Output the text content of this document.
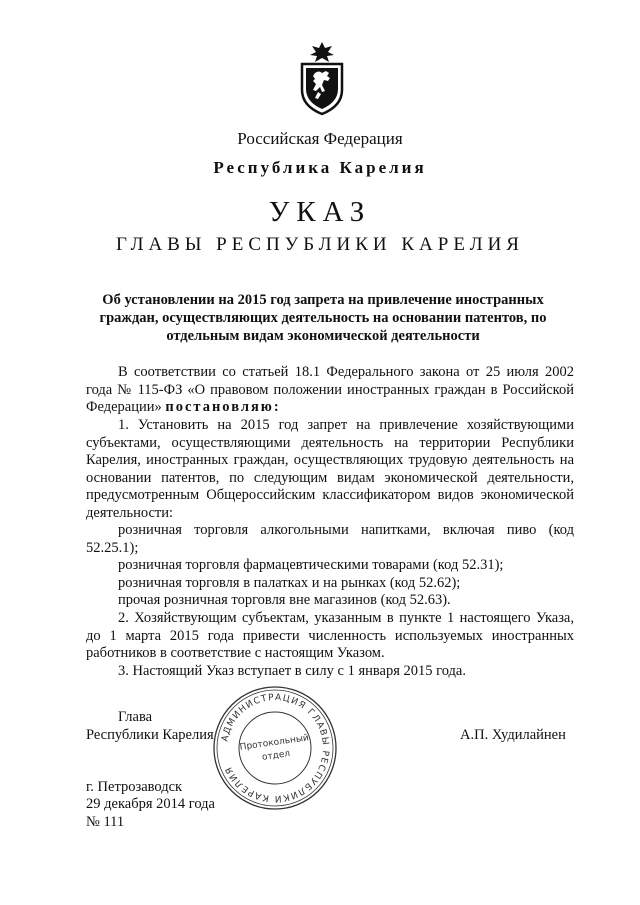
Российская Федерация
Республика Карелия
УКАЗ
ГЛАВЫ РЕСПУБЛИКИ КАРЕЛИЯ
Об установлении на 2015 год запрета на привлечение иностранных граждан, осуществляющих деятельность на основании патентов, по отдельным видам экономической деятельности
В соответствии со статьей 18.1 Федерального закона от 25 июля 2002 года № 115-ФЗ «О правовом положении иностранных граждан в Российской Федерации» постановляю:
1. Установить на 2015 год запрет на привлечение хозяйствующими субъектами, осуществляющими деятельность на территории Республики Карелия, иностранных граждан, осуществляющих трудовую деятельность на основании патентов, по следующим видам экономической деятельности, предусмотренным Общероссийским классификатором видов экономической деятельности:
розничная торговля алкогольными напитками, включая пиво (код 52.25.1);
розничная торговля фармацевтическими товарами (код 52.31);
розничная торговля в палатках и на рынках (код 52.62);
прочая розничная торговля вне магазинов (код 52.63).
2. Хозяйствующим субъектам, указанным в пункте 1 настоящего Указа, до 1 марта 2015 года привести численность используемых иностранных работников в соответствие с настоящим Указом.
3. Настоящий Указ вступает в силу с 1 января 2015 года.
АДМИНИСТРАЦИЯ ГЛАВЫ РЕСПУБЛИКИ КАРЕЛИЯ
Протокольный
отдел
Глава
Республики Карелия	А.П. Худилайнен
г. Петрозаводск
29 декабря 2014 года
№ 111
